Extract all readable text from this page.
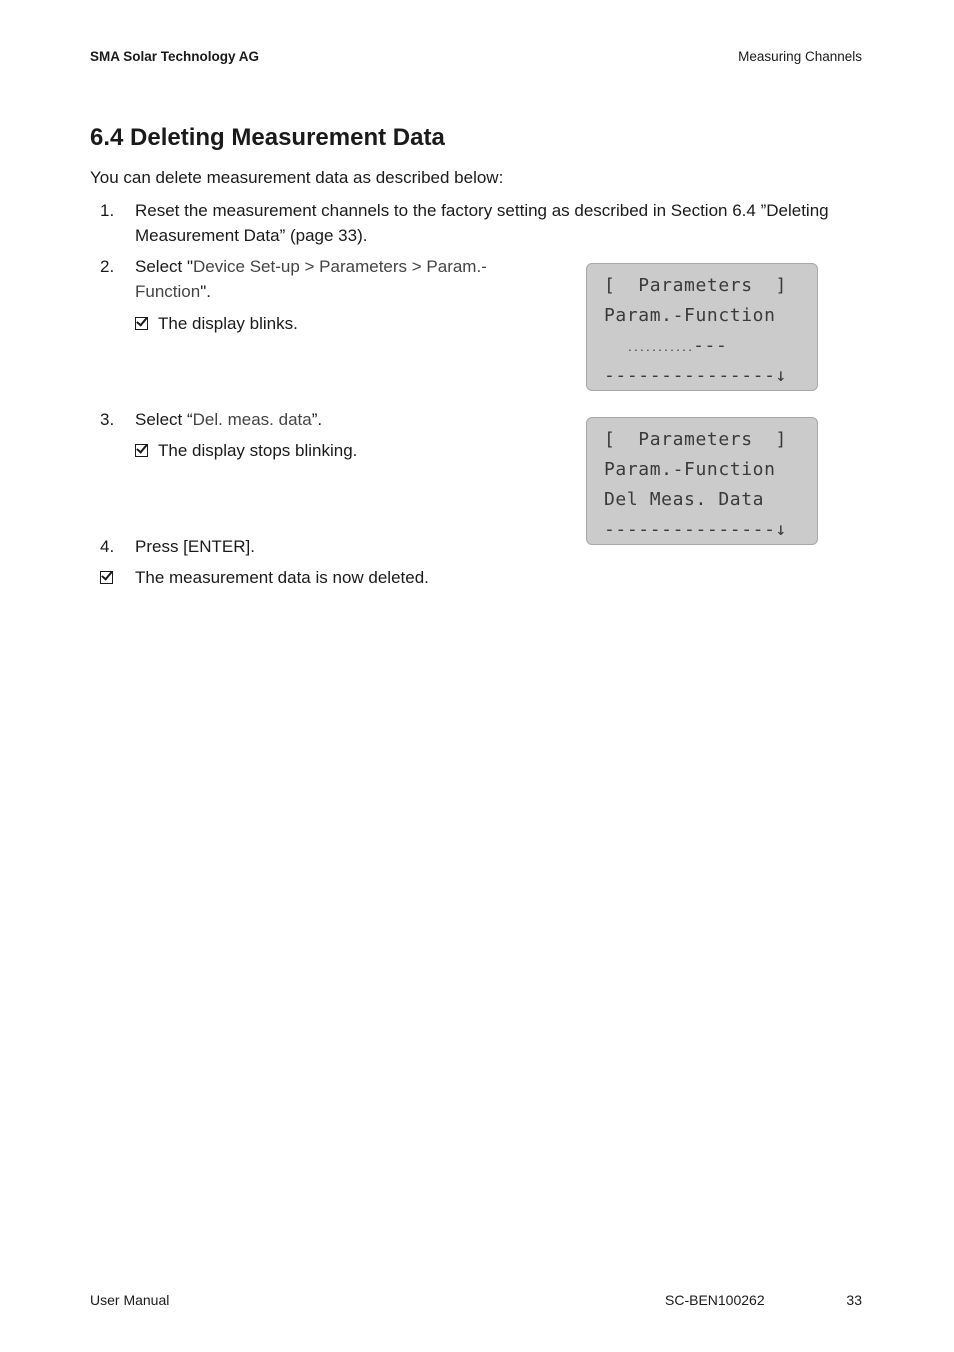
SMA Solar Technology AG	Measuring Channels
6.4 Deleting Measurement Data
You can delete measurement data as described below:
1. Reset the measurement channels to the factory setting as described in Section 6.4 ”Deleting
Measurement Data” (page 33).
2. Select "Device Set-up > Parameters > Param.-
Function".
The display blinks.
[  Parameters  ]
Param.-Function
...........---
---------------↓
3. Select “Del. meas. data”.
The display stops blinking.
[  Parameters  ]
Param.-Function
Del Meas. Data
---------------↓
4. Press [ENTER].
The measurement data is now deleted.
User Manual	SC-BEN100262	33
